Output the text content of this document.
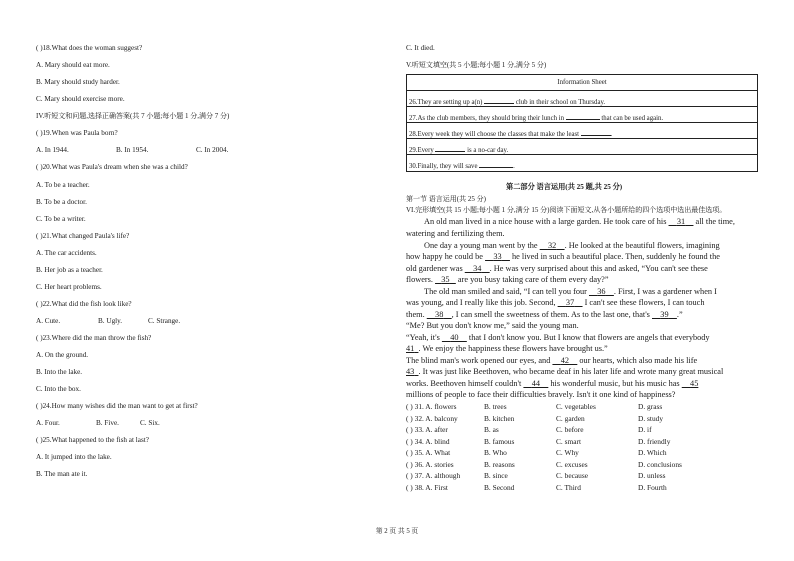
( )18.What does the woman suggest?
A. Mary should eat more.
B. Mary should study harder.
C. Mary should exercise more.
IV.听短文和问题,选择正确答案(共 7 小题;每小题 1 分,满分 7 分)
( )19.When was Paula born?
A. In 1944.	B. In 1954.	C. In 2004.
( )20.What was Paula's dream when she was a child?
A. To be a teacher.
B. To be a doctor.
C. To be a writer.
( )21.What changed Paula's life?
A. The car accidents.
B. Her job as a teacher.
C. Her heart problems.
( )22.What did the fish look like?
A. Cute.	B. Ugly.	C. Strange.
( )23.Where did the man throw the fish?
A. On the ground.
B. Into the lake.
C. Into the box.
( )24.How many wishes did the man want to get at first?
A. Four.	B. Five.	C. Six.
( )25.What happened to the fish at last?
A. It jumped into the lake.
B. The man ate it.
C. It died.
V.听短文填空(共 5 小题;每小题 1 分,满分 5 分)
Information Sheet
26.They are setting up a(n)	club in their school on Thursday.
27.As the club members, they should bring their lunch in	that can be used again.
28.Every week they will choose the classes that make the least	.
29.Every	is a no-car day.
30.Finally, they will save	.
第二部分 语言运用(共 25 题,共 25 分)
第一节 语言运用(共 25 分)
VI.完形填空(共 15 小题;每小题 1 分,满分 15 分)阅读下面短文,从各小题所给的四个选项中选出最佳选项。
An old man lived in a nice house with a large garden. He took care of his 31 all the time,
watering and fertilizing them.
One day a young man went by the 32 . He looked at the beautiful flowers, imagining
how happy he could be 33 he lived in such a beautiful place. Then, suddenly he found the
old gardener was 34 . He was very surprised about this and asked, “You can't see these
flowers. 35 are you busy taking care of them every day?”
The old man smiled and said, “I can tell you four 36 . First, I was a gardener when I
was young, and I really like this job. Second, 37 I can't see these flowers, I can touch
them. 38 , I can smell the sweetness of them. As to the last one, that's 39 .”
“Me? But you don't know me,” said the young man.
“Yeah, it's 40 that I don't know you. But I know that flowers are angels that everybody
41 . We enjoy the happiness these flowers have brought us.”
The blind man's work opened our eyes, and 42 our hearts, which also made his life
43 . It was just like Beethoven, who became deaf in his later life and wrote many great musical
works. Beethoven himself couldn't 44 his wonderful music, but his music has 45
millions of people to face their difficulties bravely. Isn't it one kind of happiness?
( ) 31. A. flowers	B. trees	C. vegetables	D. grass
( ) 32. A. balcony	B. kitchen	C. garden	D. study
( ) 33. A. after	B. as	C. before	D. if
( ) 34. A. blind	B. famous	C. smart	D. friendly
( ) 35. A. What	B. Who	C. Why	D. Which
( ) 36. A. stories	B. reasons	C. excuses	D. conclusions
( ) 37. A. although	B. since	C. because	D. unless
( ) 38. A. First	B. Second	C. Third	D. Fourth
第 2 页 共 5 页
